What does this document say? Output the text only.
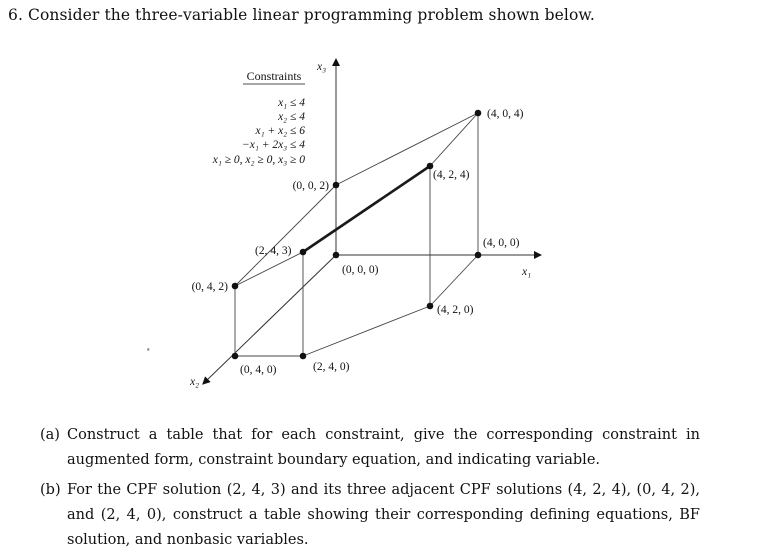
6. Consider the three-variable linear programming problem shown below.
(4, 0, 0)
(0, 0, 0)
(0, 0, 2)
(4, 0, 4)
(4, 2, 4)
(2, 4, 3)
(0, 4, 2)
(4, 2, 0)
(0, 4, 0)	(2, 4, 0)
x₃
x₁
x₂
Constraints
x₁ ≤ 4
x₂ ≤ 4
x₁ + x₂ ≤ 6
−x₁ + 2x₃ ≤ 4
x₁ ≥ 0, x₂ ≥ 0, x₃ ≥ 0
ª
(a) Construct a table that for each constraint, give the corresponding constraint in augmented form, constraint boundary equation, and indicating variable.
(b) For the CPF solution (2, 4, 3) and its three adjacent CPF solutions (4, 2, 4), (0, 4, 2), and (2, 4, 0), construct a table showing their corresponding defining equations, BF solution, and nonbasic variables.
